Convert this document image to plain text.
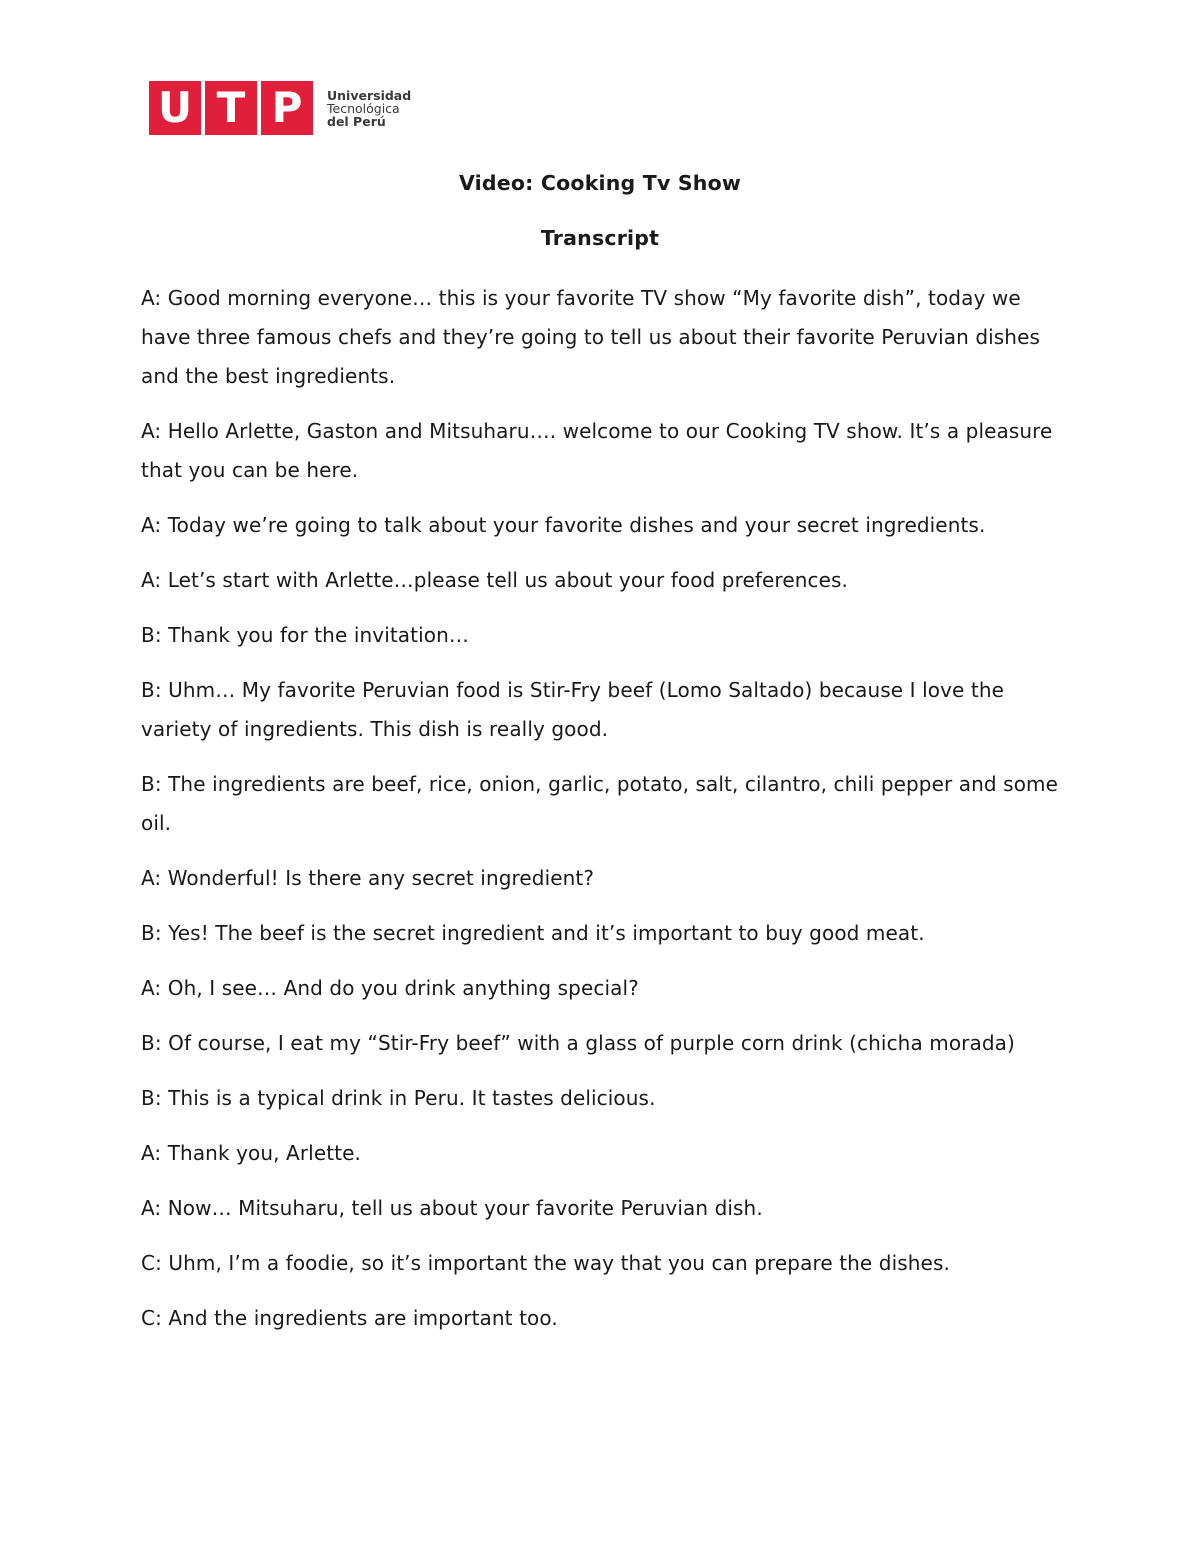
U T P	Universidad
Tecnológica
del Perú
Video: Cooking Tv Show
Transcript

A: Good morning everyone… this is your favorite TV show “My favorite dish”, today we have three famous chefs and they’re going to tell us about their favorite Peruvian dishes and the best ingredients.

A: Hello Arlette, Gaston and Mitsuharu…. welcome to our Cooking TV show. It’s a pleasure that you can be here.

A: Today we’re going to talk about your favorite dishes and your secret ingredients.

A: Let’s start with Arlette…please tell us about your food preferences.

B: Thank you for the invitation…

B: Uhm… My favorite Peruvian food is Stir-Fry beef (Lomo Saltado) because I love the variety of ingredients. This dish is really good.

B: The ingredients are beef, rice, onion, garlic, potato, salt, cilantro, chili pepper and some oil.

A: Wonderful! Is there any secret ingredient?

B: Yes! The beef is the secret ingredient and it’s important to buy good meat.

A: Oh, I see… And do you drink anything special?

B: Of course, I eat my “Stir-Fry beef” with a glass of purple corn drink (chicha morada)

B: This is a typical drink in Peru. It tastes delicious.

A: Thank you, Arlette.

A: Now… Mitsuharu, tell us about your favorite Peruvian dish.

C: Uhm, I’m a foodie, so it’s important the way that you can prepare the dishes.

C: And the ingredients are important too.
